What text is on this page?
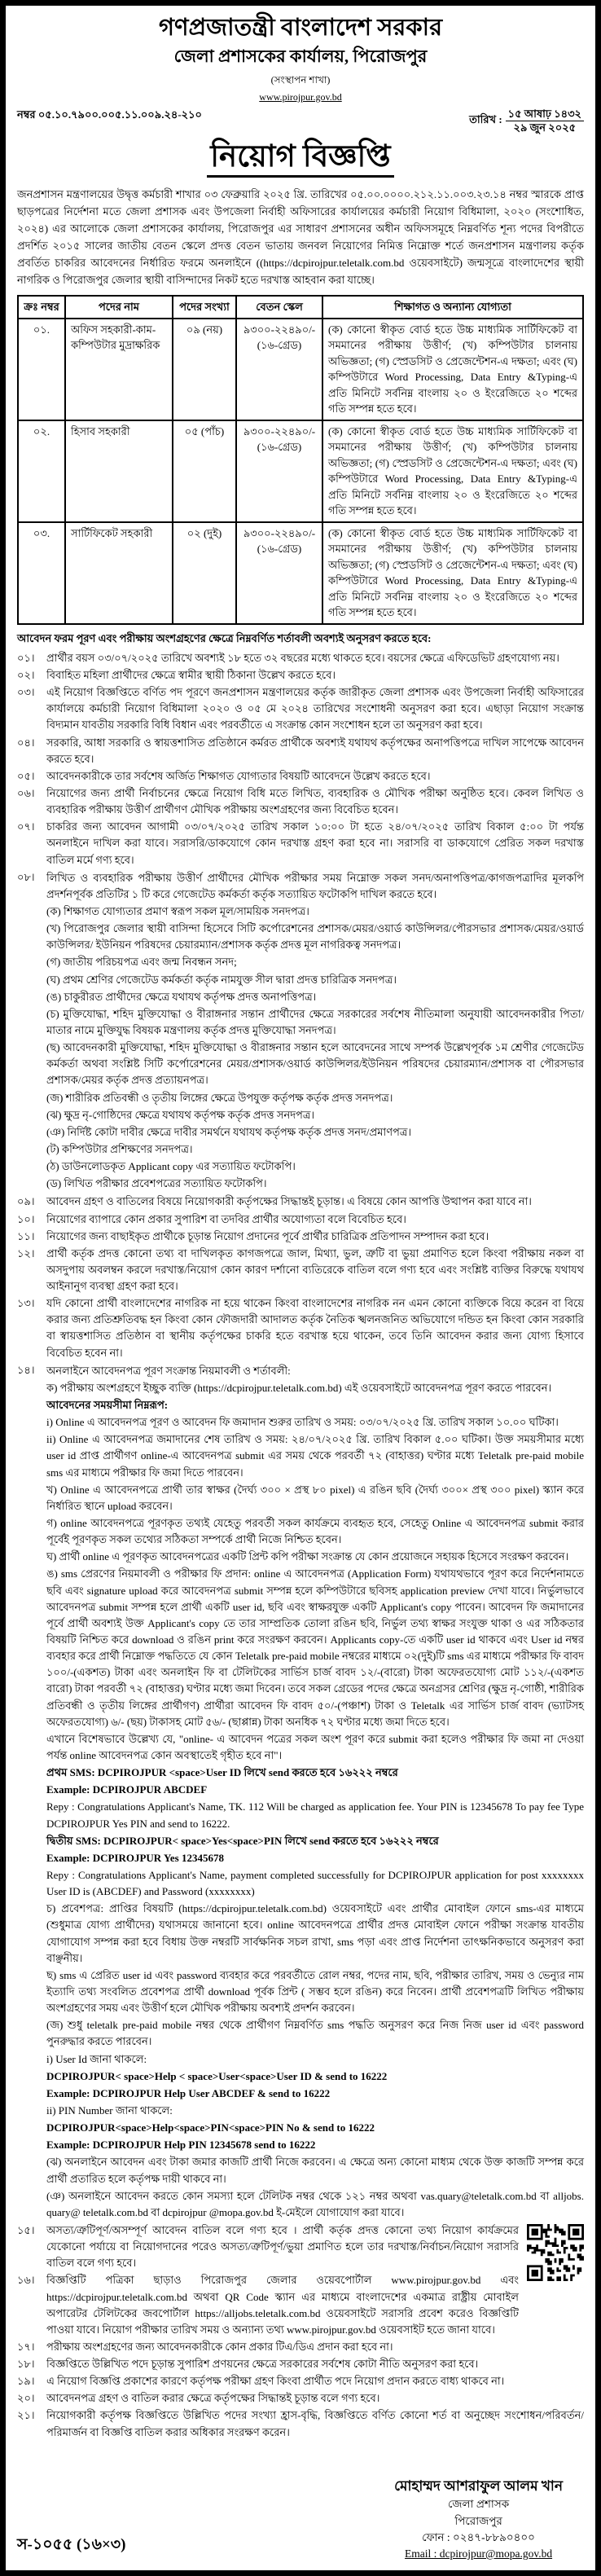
গণপ্রজাতন্ত্রী বাংলাদেশ সরকার
জেলা প্রশাসকের কার্যালয়, পিরোজপুর
(সংস্থাপন শাখা)
www.pirojpur.gov.bd
নম্বর ০৫.১০.৭৯০০.০০৫.১১.০০৯.২৪-২১০	তারিখ : ১৫ আষাঢ় ১৪৩২
২৯ জুন ২০২৫
নিয়োগ বিজ্ঞপ্তি

জনপ্রশাসন মন্ত্রণালয়ের উদ্বৃত্ত কর্মচারী শাখার ০৩ ফেব্রুয়ারি ২০২৫ খ্রি. তারিখের ০৫.০০.০০০০.২১২.১১.০০৩.২৩.১৪ নম্বর স্মারকে প্রাপ্ত ছাড়পত্রের নির্দেশনা মতে জেলা প্রশাসক এবং উপজেলা নির্বাহী অফিসারের কার্যালয়ের কর্মচারী নিয়োগ বিধিমালা, ২০২০ (সংশোধিত, ২০২৪) এর আলোকে জেলা প্রশাসকের কার্যালয়, পিরোজপুর এর সাধারণ প্রশাসনের অধীন অফিসসমূহে নিম্নবর্ণিত শূন্য পদের বিপরীতে প্রদর্শিত ২০১৫ সালের জাতীয় বেতন স্কেলে প্রদত্ত বেতন ভাতায় জনবল নিয়োগের নিমিত্ত নিম্নোক্ত শর্তে জনপ্রশাসন মন্ত্রণালয় কর্তৃক প্রবর্তিত চাকরির আবেদনের নির্ধারিত ফরমে অনলাইনে ((https://dcpirojpur.teletalk.com.bd ওয়েবসাইটে) জন্মসূত্রে বাংলাদেশের স্থায়ী নাগরিক ও পিরোজপুর জেলার স্থায়ী বাসিন্দাদের নিকট হতে দরখাস্ত আহবান করা যাচ্ছে।

ক্রঃ নম্বর	পদের নাম	পদের সংখ্যা	বেতন স্কেল	শিক্ষাগত ও অন্যান্য যোগ্যতা
০১.	অফিস সহকারী-কাম-কম্পিউটার মুদ্রাক্ষরিক	০৯ (নয়)	৯৩০০-২২৪৯০/- (১৬-গ্রেড)	(ক) কোনো স্বীকৃত বোর্ড হতে উচ্চ মাধ্যমিক সার্টিফিকেট বা সমমানের পরীক্ষায় উত্তীর্ণ; (খ) কম্পিউটার চালনায় অভিজ্ঞতা; (গ) স্প্রেডসিট ও প্রেজেন্টেশন-এ দক্ষতা; এবং (ঘ) কম্পিউটারে Word Processing, Data Entry &Typing-এ প্রতি মিনিটে সর্বনিম্ন বাংলায় ২০ ও ইংরেজিতে ২০ শব্দের গতি সম্পন্ন হতে হবে।
০২.	হিসাব সহকারী	০৫ (পাঁচ)	৯৩০০-২২৪৯০/- (১৬-গ্রেড)	(ক) কোনো স্বীকৃত বোর্ড হতে উচ্চ মাধ্যমিক সার্টিফিকেট বা সমমানের পরীক্ষায় উত্তীর্ণ; (খ) কম্পিউটার চালনায় অভিজ্ঞতা; (গ) স্প্রেডসিট ও প্রেজেন্টেশন-এ দক্ষতা; এবং (ঘ) কম্পিউটারে Word Processing, Data Entry &Typing-এ প্রতি মিনিটে সর্বনিম্ন বাংলায় ২০ ও ইংরেজিতে ২০ শব্দের গতি সম্পন্ন হতে হবে।
০৩.	সার্টিফিকেট সহকারী	০২ (দুই)	৯৩০০-২২৪৯০/- (১৬-গ্রেড)	(ক) কোনো স্বীকৃত বোর্ড হতে উচ্চ মাধ্যমিক সার্টিফিকেট বা সমমানের পরীক্ষায় উত্তীর্ণ; (খ) কম্পিউটার চালনায় অভিজ্ঞতা; (গ) স্প্রেডসিট ও প্রেজেন্টেশন-এ দক্ষতা; এবং (ঘ) কম্পিউটারে Word Processing, Data Entry &Typing-এ প্রতি মিনিটে সর্বনিম্ন বাংলায় ২০ ও ইংরেজিতে ২০ শব্দের গতি সম্পন্ন হতে হবে।

আবেদন ফরম পূরণ এবং পরীক্ষায় অংশগ্রহণের ক্ষেত্রে নিম্নবর্ণিত শর্তাবলী অবশ্যই অনুসরণ করতে হবে:

০১।	প্রার্থীর বয়স ০৩/০৭/২০২৫ তারিখে অবশ্যই ১৮ হতে ৩২ বছরের মধ্যে থাকতে হবে। বয়সের ক্ষেত্রে এফিডেভিট গ্রহণযোগ্য নয়।
০২।	বিবাহিত মহিলা প্রার্থীদের ক্ষেত্রে স্বামীর স্থায়ী ঠিকানা উল্লেখ করতে হবে।
০৩।	এই নিয়োগ বিজ্ঞপ্তিতে বর্ণিত পদ পূরণে জনপ্রশাসন মন্ত্রণালয়ের কর্তৃক জারীকৃত জেলা প্রশাসক এবং উপজেলা নির্বাহী অফিসারের কার্যালয়ে কর্মচারী নিয়োগ বিধিমালা ২০২০ ও ০৫ মে ২০২৪ তারিখের সংশোধনী অনুসরণ করা হবে। এছাড়া নিয়োগ সংক্রান্ত বিদ্যমান যাবতীয় সরকারি বিধি বিধান এবং পরবর্তীতে এ সংক্রান্ত কোন সংশোধন হলে তা অনুসরণ করা হবে।
০৪।	সরকারি, আধা সরকারি ও স্বায়ত্তশাসিত প্রতিষ্ঠানে কর্মরত প্রার্থীকে অবশ্যই যথাযথ কর্তৃপক্ষের অনাপত্তিপত্রে দাখিল সাপেক্ষে আবেদন করতে হবে।
০৫।	আবেদনকারীকে তার সর্বশেষ অর্জিত শিক্ষাগত যোগ্যতার বিষয়টি আবেদনে উল্লেখ করতে হবে।
০৬।	নিয়োগের জন্য প্রার্থী নির্বাচনের ক্ষেত্রে নিয়োগ বিধি মতে লিখিত, ব্যবহারিক ও মৌখিক পরীক্ষা অনুষ্ঠিত হবে। কেবল লিখিত ও ব্যবহারিক পরীক্ষায় উত্তীর্ণ প্রার্থীগণ মৌখিক পরীক্ষায় অংশগ্রহণের জন্য বিবেচিত হবেন।
০৭।	চাকরির জন্য আবেদন আগামী ০৩/০৭/২০২৫ তারিখ সকাল ১০:০০ টা হতে ২৪/০৭/২০২৫ তারিখ বিকাল ৫:০০ টা পর্যন্ত অনলাইনে দাখিল করা যাবে। সরাসরি/ডাকযোগে কোন দরখাস্ত গ্রহণ করা হবে না। সরাসরি বা ডাকযোগে প্রেরিত সকল দরখাস্ত বাতিল মর্মে গণ্য হবে।
০৮।	লিখিত ও ব্যবহারিক পরীক্ষায় উত্তীর্ণ প্রার্থীদের মৌখিক পরীক্ষার সময় নিম্নোক্ত সকল সনদ/অনাপত্তিপত্র/কাগজপত্রাদির মূলকপি প্রদর্শনপূর্বক প্রতিটির ১ টি করে গেজেটেড কর্মকর্তা কর্তৃক সত্যায়িত ফটোকপি দাখিল করতে হবে।

(ক) শিক্ষাগত যোগ্যতার প্রমাণ স্বরূপ সকল মূল/সাময়িক সনদপত্র।

(খ) পিরোজপুর জেলার স্থায়ী বাসিন্দা হিসেবে সিটি কর্পোরেশনের প্রশাসক/মেয়র/ওয়ার্ড কাউন্সিলর/পৌরসভার প্রশাসক/মেয়র/ওয়ার্ড কাউন্সিলর/ ইউনিয়ন পরিষদের চেয়ারম্যান/প্রশাসক কর্তৃক প্রদত্ত মূল নাগরিকত্ব সনদপত্র।

(গ) জাতীয় পরিচয়পত্র এবং জন্ম নিবন্ধন সনদ;

(ঘ) প্রথম শ্রেণির গেজেটেড কর্মকর্তা কর্তৃক নামযুক্ত সীল দ্বারা প্রদত্ত চারিত্রিক সনদপত্র।

(ঙ) চাকুরীরত প্রার্থীদের ক্ষেত্রে যথাযথ কর্তৃপক্ষ প্রদত্ত অনাপত্তিপত্র।

(চ) মুক্তিযোদ্ধা, শহিদ মুক্তিযোদ্ধা ও বীরাঙ্গনার সন্তান প্রার্থীদের ক্ষেত্রে সরকারের সর্বশেষ নীতিমালা অনুযায়ী আবেদনকারীর পিতা/মাতার নামে মুক্তিযুদ্ধ বিষয়ক মন্ত্রণালয় কর্তৃক প্রদত্ত মুক্তিযোদ্ধা সনদপত্র।

(ছ) আবেদনকারী মুক্তিযোদ্ধা, শহিদ মুক্তিযোদ্ধা ও বীরাঙ্গনার সন্তান হলে আবেদনের সাথে সম্পর্ক উল্লেখপূর্বক ১ম শ্রেণীর গেজেটেড কর্মকর্তা অথবা সংশ্লিষ্ট সিটি কর্পোরেশনের মেয়র/প্রশাসক/ওয়ার্ড কাউন্সিলর/ইউনিয়ন পরিষদের চেয়ারম্যান/প্রশাসক বা পৌরসভার প্রশাসক/মেয়র কর্তৃক প্রদত্ত প্রত্যায়নপত্র।

(জ) শারীরিক প্রতিবন্ধী ও তৃতীয় লিঙ্গের ক্ষেত্রে উপযুক্ত কর্তৃপক্ষ কর্তৃক প্রদত্ত সনদপত্র।

(ঝ) ক্ষুদ্র নৃ-গোষ্ঠিদের ক্ষেত্রে যথাযথ কর্তৃপক্ষ কর্তৃক প্রদত্ত সনদপত্র।

(ঞ) নির্দিষ্ট কোটা দাবীর ক্ষেত্রে দাবীর সমর্থনে যথাযথ কর্তৃপক্ষ কর্তৃক প্রদত্ত সনদ/প্রমাণপত্র।

(ট) কম্পিউটার প্রশিক্ষণের সনদপত্র।

(ঠ) ডাউনলোডকৃত Applicant copy এর সত্যায়িত ফটোকপি।

(ড) লিখিত পরীক্ষার প্রবেশপত্রের সত্যায়িত ফটোকপি।

০৯।	আবেদন গ্রহণ ও বাতিলের বিষয়ে নিয়োগকারী কর্তৃপক্ষের সিদ্ধান্তই চূড়ান্ত। এ বিষয়ে কোন আপত্তি উত্থাপন করা যাবে না।
১০।	নিয়োগের ব্যাপারে কোন প্রকার সুপারিশ বা তদবির প্রার্থীর অযোগ্যতা বলে বিবেচিত হবে।
১১।	নিয়োগের জন্য বাছাইকৃত প্রার্থীকে চূড়ান্ত নিয়োগ প্রদানের পূর্বে প্রার্থীর চারিত্রিক প্রতিপাদন সম্পাদন করা হবে।
১২।	প্রার্থী কর্তৃক প্রদত্ত কোনো তথ্য বা দাখিলকৃত কাগজপত্রে জাল, মিথ্যা, ভুল, ত্রুটি বা ভুয়া প্রমাণিত হলে কিংবা পরীক্ষায় নকল বা অসদুপায় অবলম্বন করলে দরখাস্ত/নিয়োগ কোন কারণ দর্শানো ব্যতিরেকে বাতিল বলে গণ্য হবে এবং সংশ্লিষ্ট ব্যক্তির বিরুদ্ধে যথাযথ আইনানুগ ব্যবস্থা গ্রহণ করা হবে।
১৩।	যদি কোনো প্রার্থী বাংলাদেশের নাগরিক না হয়ে থাকেন কিংবা বাংলাদেশের নাগরিক নন এমন কোনো ব্যক্তিকে বিয়ে করেন বা বিয়ে করার জন্য প্রতিশ্রুতিবদ্ধ হন কিংবা কোন ফৌজদারী আদালত কর্তৃক নৈতিক স্খলনজনিত অভিযোগে দন্ডিত হন কিংবা কোন সরকারি বা স্বায়ত্তশাসিত প্রতিষ্ঠান বা স্থানীয় কর্তৃপক্ষের চাকরি হতে বরখাস্ত হয়ে থাকেন, তবে তিনি আবেদন করার জন্য যোগ্য হিসাবে বিবেচিত হবেন না।
১৪।	অনলাইনে আবেদনপত্র পূরণ সংক্রান্ত নিয়মাবলী ও শর্তাবলী:

ক) পরীক্ষায় অংশগ্রহণে ইচ্ছুক ব্যক্তি (https://dcpirojpur.teletalk.com.bd) এই ওয়েবসাইটে আবেদনপত্র পূরণ করতে পারবেন।

আবেদনের সময়সীমা নিম্নরূপ:

i) Online এ আবেদনপত্র পূরণ ও আবেদন ফি জমাদান শুরুর তারিখ ও সময়: ০৩/০৭/২০২৫ খ্রি. তারিখ সকাল ১০.০০ ঘটিকা।

ii) Online এ আবেদনপত্র জমাদানের শেষ তারিখ ও সময়: ২৪/০৭/২০২৫ খ্রি. তারিখ বিকাল ৫.০০ ঘটিকা। উক্ত সময়সীমার মধ্যে user id প্রাপ্ত প্রার্থীগণ online-এ আবেদনপত্র submit এর সময় থেকে পরবর্তী ৭২ (বাহাত্তর) ঘণ্টার মধ্যে Teletalk pre-paid mobile sms এর মাধ্যমে পরীক্ষার ফি জমা দিতে পারবেন।

খ) Online এ আবেদনপত্রে প্রার্থী তার স্বাক্ষর (দৈর্ঘ্য ৩০০ × প্রস্থ ৮০ pixel) এ রঙিন ছবি (দৈর্ঘ্য ৩০০× প্রস্থ ৩০০ pixel) স্ক্যান করে নির্ধারিত স্থানে upload করবেন।

গ) online আবেদনপত্রে পূরণকৃত তথ্যই যেহেতু পরবর্তী সকল কার্যক্রমে ব্যবহৃত হবে, সেহেতু Online এ আবেদনপত্র submit করার পূর্বেই পূরণকৃত সকল তথ্যের সঠিকতা সম্পর্কে প্রার্থী নিজে নিশ্চিত হবেন।

ঘ) প্রার্থী online এ পূরণকৃত আবেদনপত্রের একটি প্রিন্ট কপি পরীক্ষা সংক্রান্ত যে কোন প্রয়োজনে সহায়ক হিসেবে সংরক্ষণ করবেন।

ঙ) sms প্রেরণের নিয়মাবলী ও পরীক্ষার ফি প্রদান: online এ আবেদনপত্র (Application Form) যথাযথভাবে পূরণ করে নির্দেশনামতে ছবি এবং signature upload করে আবেদনপত্র submit সম্পন্ন হলে কম্পিউটারে ছবিসহ application preview দেখা যাবে। নির্ভুলভাবে আবেদনপত্র submit সম্পন্ন হলে প্রার্থী একটি user id, ছবি এবং স্বাক্ষরযুক্ত একটি Applicant's copy পাবেন। আবেদন ফি জমাদানের পূর্বে প্রার্থী অবশ্যই উক্ত Applicant's copy তে তার সাম্প্রতিক তোলা রঙিন ছবি, নির্ভুল তথ্য স্বাক্ষর সংযুক্ত থাকা ও এর সঠিকতার বিষয়টি নিশ্চিত করে download ও রঙিন print করে সংরক্ষণ করবেন। Applicants copy-তে একটি user id থাকবে এবং User id নম্বর ব্যবহার করে প্রার্থী নিম্নোক্ত পদ্ধতিতে যে কোন Teletalk pre-paid mobile নম্বরের মাধ্যমে ০২(দুই)টি sms এর মাধ্যমে পরীক্ষার ফি বাবদ ১০০/-(একশত) টাকা এবং অনলাইন ফি বা টেলিটকের সার্ভিস চার্জ বাবদ ১২/-(বারো) টাকা অফেরতযোগ্য মোট ১১২/-(একশত বারো) টাকা পরবর্তী ৭২ (বাহাত্তর) ঘণ্টার মধ্যে জমা দিবেন। তবে সকল গ্রেডের পদের ক্ষেত্রে অনগ্রসর শ্রেণির (ক্ষুদ্র নৃ-গোষ্ঠী, শারীরিক প্রতিবন্ধী ও তৃতীয় লিঙ্গের প্রার্থীগণ) প্রার্থীরা আবেদন ফি বাবদ ৫০/-(পঞ্চাশ) টাকা ও Teletalk এর সার্ভিস চার্জ বাবদ (ভ্যাটসহ অফেরতযোগ্য) ৬/- (ছয়) টাকাসহ মোট ৫৬/- (ছাপ্পান্ন) টাকা অনধিক ৭২ ঘণ্টার মধ্যে জমা দিতে হবে।

এখানে বিশেষভাবে উল্লেখ্য যে, "online- এ আবেদন পত্রের সকল অংশ পূরণ করে submit করা হলেও পরীক্ষার ফি জমা না দেওয়া পর্যন্ত online আবেদনপত্র কোন অবস্থাতেই গৃহীত হবে না"।

প্রথম SMS: DCPIROJPUR <space>User ID লিখে send করতে হবে ১৬২২২ নম্বরে

Example: DCPIROJPUR ABCDEF

Repy : Congratulations Applicant's Name, TK. 112 Will be charged as application fee. Your PIN is 12345678 To pay fee Type DCPIROJPUR Yes PIN and send to 16222.

দ্বিতীয় SMS: DCPIROJPUR< space>Yes<space>PIN লিখে send করতে হবে ১৬২২২ নম্বরে

Example: DCPIROJPUR Yes 12345678

Repy : Congratulations Applicant's Name, payment completed successfully for DCPIROJPUR application for post xxxxxxxx User ID is (ABCDEF) and Password (xxxxxxxx)

চ) প্রবেশপত্র: প্রাপ্তির বিষয়টি (https://dcpirojpur.teletalk.com.bd) ওয়েবসাইটে এবং প্রার্থীর মোবাইল ফোনে sms-এর মাধ্যমে (শুধুমাত্র যোগ্য প্রার্থীদের) যথাসময়ে জানানো হবে। online আবেদনপত্রে প্রার্থীর প্রদত্ত মোবাইল ফোনে পরীক্ষা সংক্রান্ত যাবতীয় যোগাযোগ সম্পন্ন করা হবে বিধায় উক্ত নম্বরটি সার্বক্ষনিক সচল রাখা, sms পড়া এবং প্রাপ্ত নির্দেশনা তাৎক্ষনিকভাবে অনুসরণ করা বাঞ্ছনীয়।

ছ) sms এ প্রেরিত user id এবং password ব্যবহার করে পরবর্তীতে রোল নম্বর, পদের নাম, ছবি, পরীক্ষার তারিখ, সময় ও ভেন্যুর নাম ইত্যাদি তথ্য সংবলিত প্রবেশপত্র প্রার্থী download পূর্বক প্রিন্ট ( সম্ভব হলে রঙিন) করে নিবেন। প্রার্থী প্রবেশপত্রটি লিখিত পরীক্ষায় অংশগ্রহণের সময় এবং উত্তীর্ণ হলে মৌখিক পরীক্ষায় অবশ্যই প্রদর্শন করবেন।

(জ) শুধু teletalk pre-paid mobile নম্বর থেকে প্রার্থীগণ নিম্নবর্ণিত sms পদ্ধতি অনুসরণ করে নিজ নিজ user id এবং password পুনরুদ্ধার করতে পারবেন।

i) User Id জানা থাকলে:

DCPIROJPUR< space>Help < space>User<space>User ID & send to 16222

Example: DCPIROJPUR Help User ABCDEF & send to 16222

ii) PIN Number জানা থাকলে:

DCPIROJPUR<space>Help<space>PIN<space>PIN No & send to 16222

Example: DCPIROJPUR Help PIN 12345678 send to 16222

(ঝ) অনলাইনে আবেদন এবং টাকা জমার কাজটি প্রার্থী নিজে করবেন। এ ক্ষেত্রে অন্য কোনো মাধ্যম থেকে উক্ত কাজটি সম্পন্ন করে প্রার্থী প্রতারিত হলে কর্তৃপক্ষ দায়ী থাকবে না।

(ঞ) অনলাইনে আবেদন করতে কোন সমস্যা হলে টেলিটক নম্বর থেকে ১২১ নম্বর অথবা vas.quary@teletalk.com.bd বা alljobs. quary@ teletalk.com.bd বা dcpirojpur @mopa.gov.bd ই-মেইলে যোগাযোগ করা যাবে।

১৫।	অসত্য/ত্রুটিপূর্ণ/অসম্পূর্ণ আবেদন বাতিল বলে গণ্য হবে । প্রার্থী কর্তৃক প্রদত্ত কোনো তথ্য নিয়োগ কার্যক্রমের যেকোনো পর্যায়ে বা নিয়োগদানের পরেও অসত্য/ত্রুটিপূর্ণ/ভুয়া প্রমাণিত হলে তার দরখাস্ত/নির্বাচন/নিয়োগ সরাসরি বাতিল বলে গণ্য হবে।
১৬।	বিজ্ঞপ্তিটি পত্রিকা ছাড়াও পিরোজপুর জেলার ওয়েবপোর্টাল www.pirojpur.gov.bd এবং https://dcpirojpur.teletalk.com.bd অথবা QR Code স্ক্যান এর মাধ্যমে বাংলাদেশের একমাত্র রাষ্ট্রীয় মোবাইল অপারেটর টেলিটকের জবপোর্টাল https://alljobs.teletalk.com.bd ওয়েবসাইটে সরাসরি প্রবেশ করেও বিজ্ঞপ্তিটি পাওয়া যাবে। নিয়োগ পরীক্ষার তারিখ সময় ও অন্যান্য তথ্য www.pirojpur.gov.bd ওয়েবসাইট হতে জানা যাবে।
১৭।	পরীক্ষায় অংশগ্রহণের জন্য আবেদনকারীকে কোন প্রকার টিএ/ডিএ প্রদান করা হবে না।
১৮।	বিজ্ঞপ্তিতে উল্লিখিত পদে চূড়ান্ত সুপারিশ প্রণয়নের ক্ষেত্রে সরকারের সর্বশেষ কোটা নীতি অনুসরণ করা হবে।
১৯।	এ নিয়োগ বিজ্ঞপ্তি প্রকাশের কারণে কর্তৃপক্ষ পরীক্ষা গ্রহণ কিংবা প্রার্থীত পদে নিয়োগ প্রদান করতে বাধ্য থাকবে না।
২০।	আবেদনপত্র গ্রহণ ও বাতিল করার ক্ষেত্রে কর্তৃপক্ষের সিদ্ধান্তই চূড়ান্ত বলে গণ্য হবে।
২১।	নিয়োগকারী কর্তৃপক্ষ বিজ্ঞপ্তিতে উল্লিখিত পদের সংখ্যা হ্রাস-বৃদ্ধি, বিজ্ঞপ্তিতে বর্ণিত কোনো শর্ত বা অনুচ্ছেদ সংশোধন/পরিবর্তন/পরিমার্জন বা বিজ্ঞপ্তি বাতিল করার অধিকার সংরক্ষণ করেন।
স-১০৫৫ (১৬×৩)
মোহাম্মদ আশরাফুল আলম খান
জেলা প্রশাসক
পিরোজপুর
ফোন : ০২৪৭-৮৮৯০৪০০
Email : dcpirojpur@mopa.gov.bd
